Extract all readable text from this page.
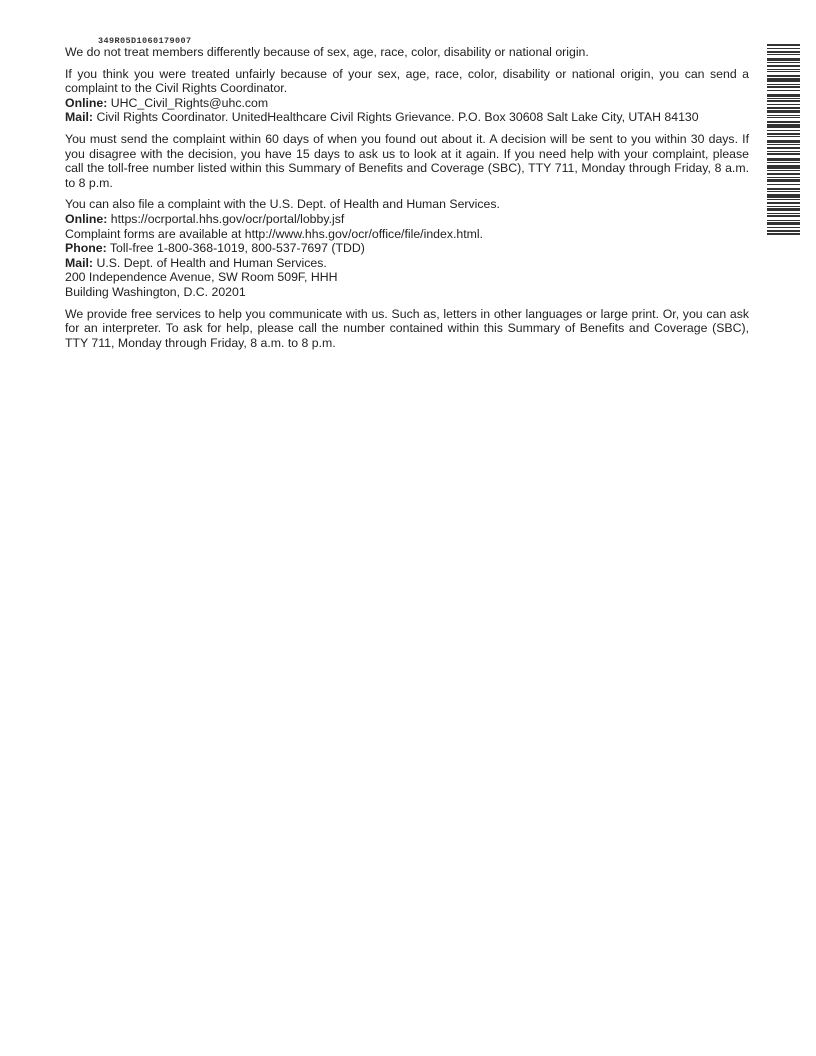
349R05D1060179007

We do not treat members differently because of sex, age, race, color, disability or national origin.

If you think you were treated unfairly because of your sex, age, race, color, disability or national origin, you can send a complaint to the Civil Rights Coordinator.
Online: UHC_Civil_Rights@uhc.com
Mail: Civil Rights Coordinator. UnitedHealthcare Civil Rights Grievance. P.O. Box 30608 Salt Lake City, UTAH 84130

You must send the complaint within 60 days of when you found out about it. A decision will be sent to you within 30 days. If you disagree with the decision, you have 15 days to ask us to look at it again. If you need help with your complaint, please call the toll-free number listed within this Summary of Benefits and Coverage (SBC), TTY 711, Monday through Friday, 8 a.m. to 8 p.m.

You can also file a complaint with the U.S. Dept. of Health and Human Services.
Online: https://ocrportal.hhs.gov/ocr/portal/lobby.jsf
Complaint forms are available at http://www.hhs.gov/ocr/office/file/index.html.
Phone: Toll-free 1-800-368-1019, 800-537-7697 (TDD)
Mail: U.S. Dept. of Health and Human Services.
200 Independence Avenue, SW Room 509F, HHH
Building Washington, D.C. 20201

We provide free services to help you communicate with us. Such as, letters in other languages or large print. Or, you can ask for an interpreter. To ask for help, please call the number contained within this Summary of Benefits and Coverage (SBC), TTY 711, Monday through Friday, 8 a.m. to 8 p.m.
